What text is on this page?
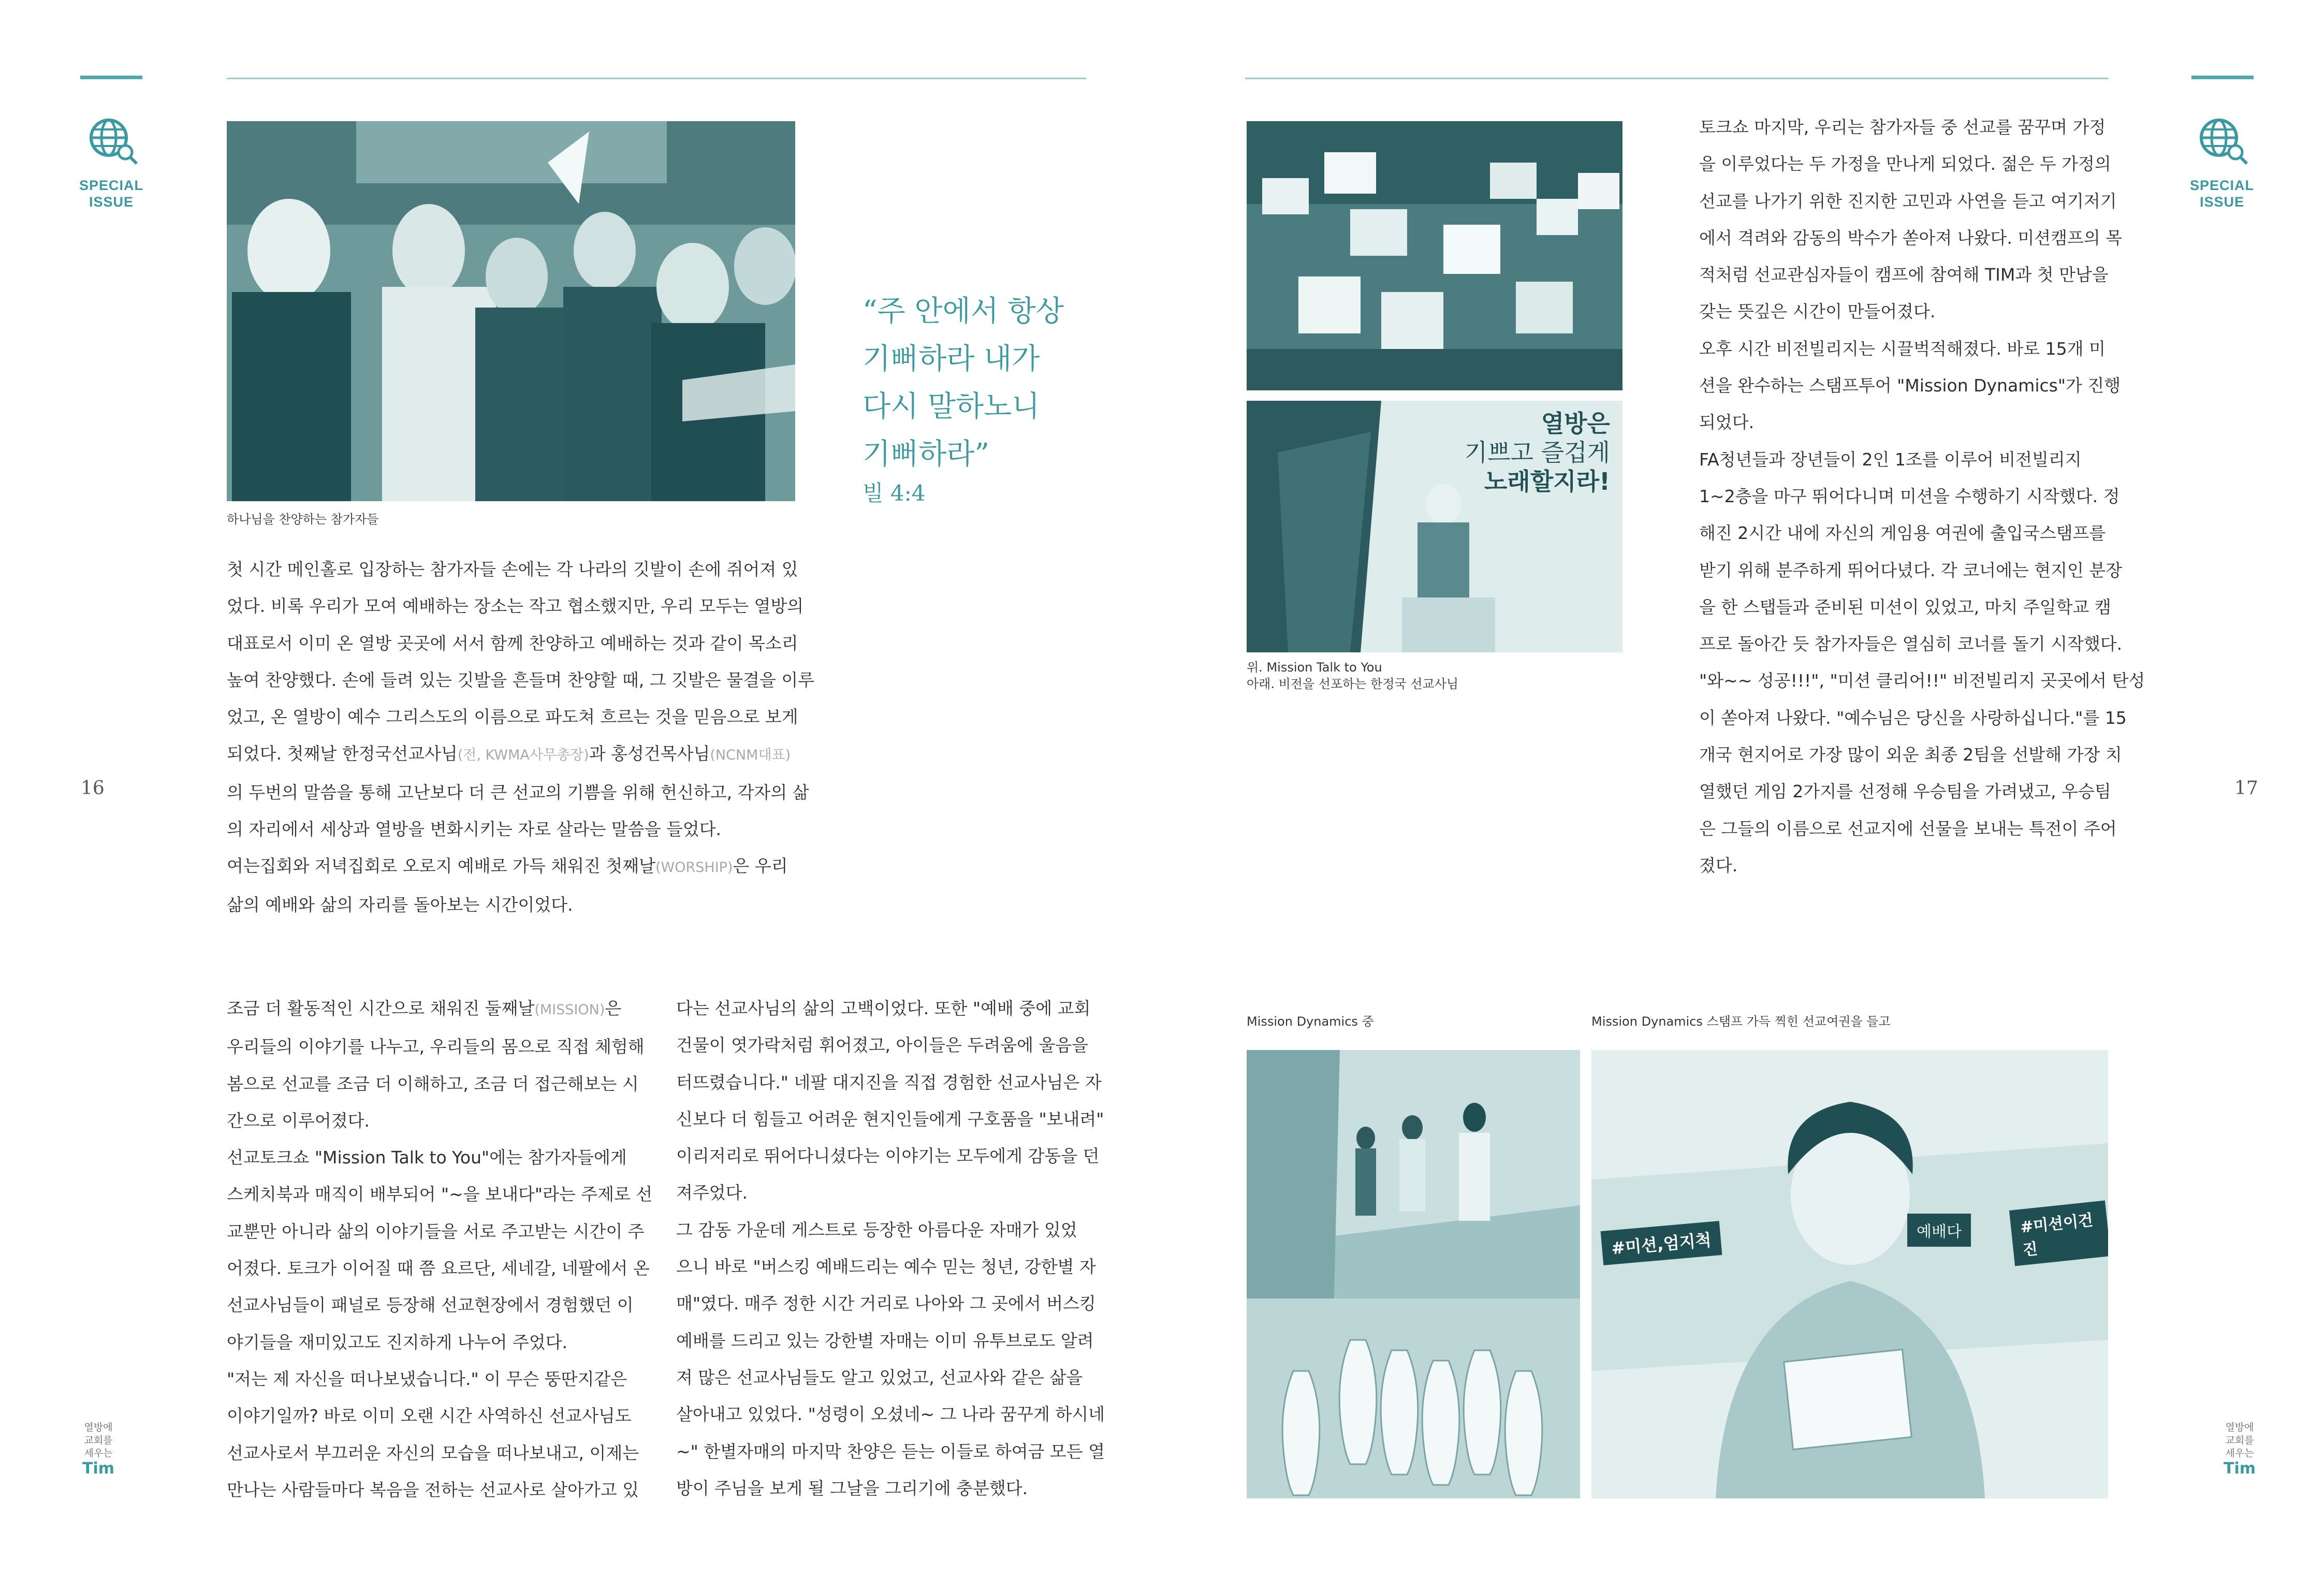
SPECIAL
ISSUE
16
열방에
교회를
세우는
Tim
하나님을 찬양하는 참가자들
“주 안에서 항상
기뻐하라 내가
다시 말하노니
기뻐하라”
빌 4:4

첫 시간 메인홀로 입장하는 참가자들 손에는 각 나라의 깃발이 손에 쥐어져 있

었다. 비록 우리가 모여 예배하는 장소는 작고 협소했지만, 우리 모두는 열방의

대표로서 이미 온 열방 곳곳에 서서 함께 찬양하고 예배하는 것과 같이 목소리

높여 찬양했다. 손에 들려 있는 깃발을 흔들며 찬양할 때, 그 깃발은 물결을 이루

었고, 온 열방이 예수 그리스도의 이름으로 파도쳐 흐르는 것을 믿음으로 보게

되었다. 첫째날 한정국선교사님(전, KWMA사무총장)과 홍성건목사님(NCNM대표)

의 두번의 말씀을 통해 고난보다 더 큰 선교의 기쁨을 위해 헌신하고, 각자의 삶

의 자리에서 세상과 열방을 변화시키는 자로 살라는 말씀을 들었다.

여는집회와 저녁집회로 오로지 예배로 가득 채워진 첫째날(WORSHIP)은 우리

삶의 예배와 삶의 자리를 돌아보는 시간이었다.

조금 더 활동적인 시간으로 채워진 둘째날(MISSION)은

우리들의 이야기를 나누고, 우리들의 몸으로 직접 체험해

봄으로 선교를 조금 더 이해하고, 조금 더 접근해보는 시

간으로 이루어졌다.

선교토크쇼 "Mission Talk to You"에는 참가자들에게

스케치북과 매직이 배부되어 "~을 보내다"라는 주제로 선

교뿐만 아니라 삶의 이야기들을 서로 주고받는 시간이 주

어졌다. 토크가 이어질 때 쯤 요르단, 세네갈, 네팔에서 온

선교사님들이 패널로 등장해 선교현장에서 경험했던 이

야기들을 재미있고도 진지하게 나누어 주었다.

"저는 제 자신을 떠나보냈습니다." 이 무슨 뚱딴지같은

이야기일까? 바로 이미 오랜 시간 사역하신 선교사님도

선교사로서 부끄러운 자신의 모습을 떠나보내고, 이제는

만나는 사람들마다 복음을 전하는 선교사로 살아가고 있

다는 선교사님의 삶의 고백이었다. 또한 "예배 중에 교회

건물이 엿가락처럼 휘어졌고, 아이들은 두려움에 울음을

터뜨렸습니다." 네팔 대지진을 직접 경험한 선교사님은 자

신보다 더 힘들고 어려운 현지인들에게 구호품을 "보내려"

이리저리로 뛰어다니셨다는 이야기는 모두에게 감동을 던

져주었다.

그 감동 가운데 게스트로 등장한 아름다운 자매가 있었

으니 바로 "버스킹 예배드리는 예수 믿는 청년, 강한별 자

매"였다. 매주 정한 시간 거리로 나아와 그 곳에서 버스킹

예배를 드리고 있는 강한별 자매는 이미 유투브로도 알려

져 많은 선교사님들도 알고 있었고, 선교사와 같은 삶을

살아내고 있었다. "성령이 오셨네~ 그 나라 꿈꾸게 하시네

~" 한별자매의 마지막 찬양은 듣는 이들로 하여금 모든 열

방이 주님을 보게 될 그날을 그리기에 충분했다.

열방은
기쁘고 즐겁게
노래할지라!
위. Mission Talk to You
아래. 비전을 선포하는 한정국 선교사님

토크쇼 마지막, 우리는 참가자들 중 선교를 꿈꾸며 가정

을 이루었다는 두 가정을 만나게 되었다. 젊은 두 가정의

선교를 나가기 위한 진지한 고민과 사연을 듣고 여기저기

에서 격려와 감동의 박수가 쏟아져 나왔다. 미션캠프의 목

적처럼 선교관심자들이 캠프에 참여해 TIM과 첫 만남을

갖는 뜻깊은 시간이 만들어졌다.

오후 시간 비전빌리지는 시끌벅적해졌다. 바로 15개 미

션을 완수하는 스탬프투어 "Mission Dynamics"가 진행

되었다.

FA청년들과 장년들이 2인 1조를 이루어 비전빌리지

1~2층을 마구 뛰어다니며 미션을 수행하기 시작했다. 정

해진 2시간 내에 자신의 게임용 여권에 출입국스탬프를

받기 위해 분주하게 뛰어다녔다. 각 코너에는 현지인 분장

을 한 스탭들과 준비된 미션이 있었고, 마치 주일학교 캠

프로 돌아간 듯 참가자들은 열심히 코너를 돌기 시작했다.

"와~~ 성공!!!", "미션 클리어!!" 비전빌리지 곳곳에서 탄성

이 쏟아져 나왔다. "예수님은 당신을 사랑하십니다."를 15

개국 현지어로 가장 많이 외운 최종 2팀을 선발해 가장 치

열했던 게임 2가지를 선정해 우승팀을 가려냈고, 우승팀

은 그들의 이름으로 선교지에 선물을 보내는 특전이 주어

졌다.

SPECIAL
ISSUE
17
열방에
교회를
세우는
Tim
Mission Dynamics 중	Mission Dynamics 스탬프 가득 찍힌 선교여권을 들고
#미션,엄지척	예배다	#미션이건진
